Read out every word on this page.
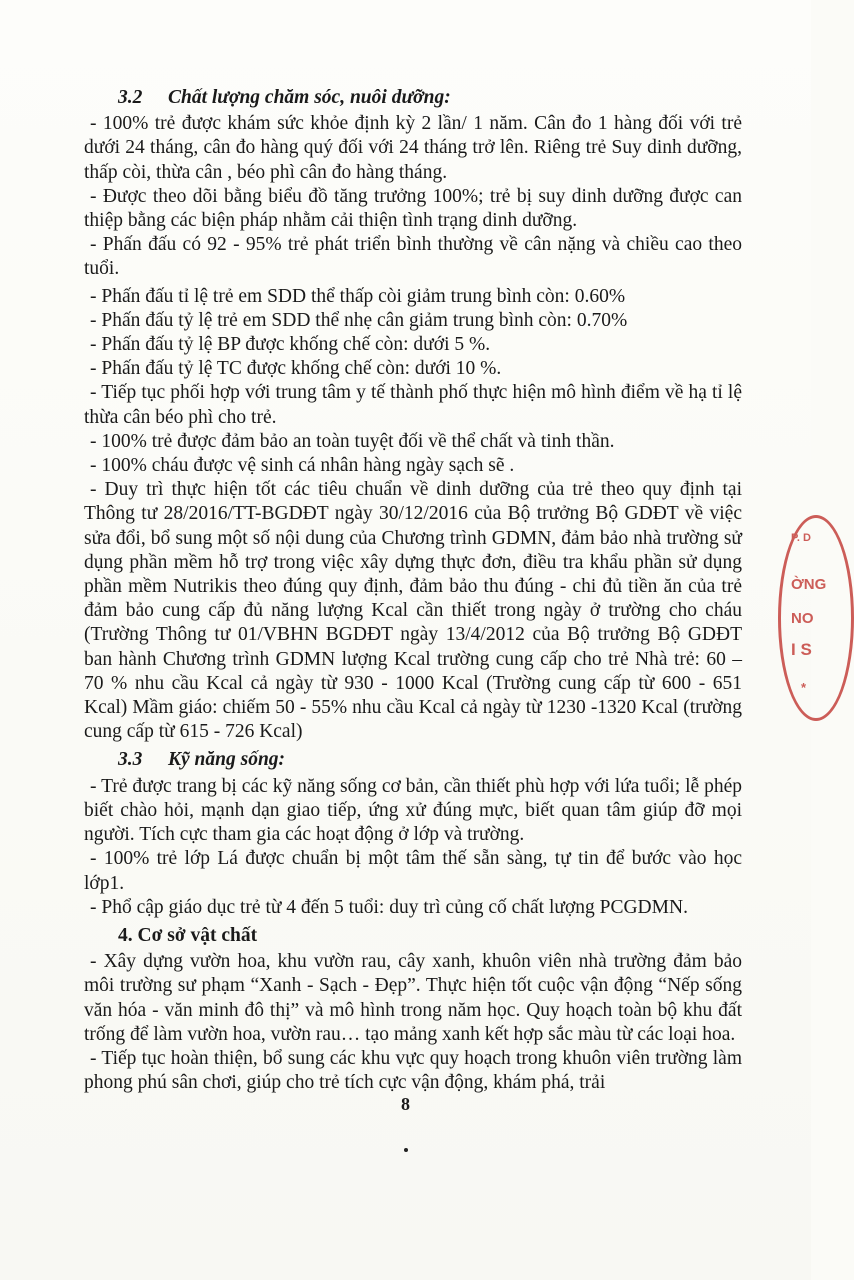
P. D
ỜNG
NO
I S
*
3.2 Chất lượng chăm sóc, nuôi dưỡng:
- 100% trẻ được khám sức khỏe định kỳ 2 lần/ 1 năm. Cân đo 1 hàng đối với trẻ dưới 24 tháng, cân đo hàng quý đối với 24 tháng trở lên. Riêng trẻ Suy dinh dưỡng, thấp còi, thừa cân , béo phì cân đo hàng tháng.
- Được theo dõi bằng biểu đồ tăng trưởng 100%; trẻ bị suy dinh dưỡng được can thiệp bằng các biện pháp nhằm cải thiện tình trạng dinh dưỡng.
- Phấn đấu có 92 - 95% trẻ phát triển bình thường về cân nặng và chiều cao theo tuổi.
- Phấn đấu tỉ lệ trẻ em SDD thể thấp còi giảm trung bình còn: 0.60%
- Phấn đấu tỷ lệ trẻ em SDD thể nhẹ cân giảm trung bình còn: 0.70%
- Phấn đấu tỷ lệ BP được khống chế còn: dưới 5 %.
- Phấn đấu tỷ lệ TC được khống chế còn: dưới 10 %.
- Tiếp tục phối hợp với trung tâm y tế thành phố thực hiện mô hình điểm về hạ tỉ lệ thừa cân béo phì cho trẻ.
- 100% trẻ được đảm bảo an toàn tuyệt đối về thể chất và tinh thần.
- 100% cháu được vệ sinh cá nhân hàng ngày sạch sẽ .
- Duy trì thực hiện tốt các tiêu chuẩn về dinh dưỡng của trẻ theo quy định tại Thông tư 28/2016/TT-BGDĐT ngày 30/12/2016 của Bộ trưởng Bộ GDĐT về việc sửa đổi, bổ sung một số nội dung của Chương trình GDMN, đảm bảo nhà trường sử dụng phần mềm hỗ trợ trong việc xây dựng thực đơn, điều tra khẩu phần sử dụng phần mềm Nutrikis theo đúng quy định, đảm bảo thu đúng - chi đủ tiền ăn của trẻ đảm bảo cung cấp đủ năng lượng Kcal cần thiết trong ngày ở trường cho cháu (Trường Thông tư 01/VBHN BGDĐT ngày 13/4/2012 của Bộ trưởng Bộ GDĐT ban hành Chương trình GDMN lượng Kcal trường cung cấp cho trẻ Nhà trẻ: 60 – 70 % nhu cầu Kcal cả ngày từ 930 - 1000 Kcal (Trường cung cấp từ 600 - 651 Kcal) Mầm giáo: chiếm 50 - 55% nhu cầu Kcal cả ngày từ 1230 -1320 Kcal (trường cung cấp từ 615 - 726 Kcal)
3.3 Kỹ năng sống:
- Trẻ được trang bị các kỹ năng sống cơ bản, cần thiết phù hợp với lứa tuổi; lễ phép biết chào hỏi, mạnh dạn giao tiếp, ứng xử đúng mực, biết quan tâm giúp đỡ mọi người. Tích cực tham gia các hoạt động ở lớp và trường.
- 100% trẻ lớp Lá được chuẩn bị một tâm thế sẵn sàng, tự tin để bước vào học lớp1.
- Phổ cập giáo dục trẻ từ 4 đến 5 tuổi: duy trì củng cố chất lượng PCGDMN.
4. Cơ sở vật chất
- Xây dựng vườn hoa, khu vườn rau, cây xanh, khuôn viên nhà trường đảm bảo môi trường sư phạm “Xanh - Sạch - Đẹp”. Thực hiện tốt cuộc vận động “Nếp sống văn hóa - văn minh đô thị” và mô hình trong năm học. Quy hoạch toàn bộ khu đất trống để làm vườn hoa, vườn rau… tạo mảng xanh kết hợp sắc màu từ các loại hoa.
- Tiếp tục hoàn thiện, bổ sung các khu vực quy hoạch trong khuôn viên trường làm phong phú sân chơi, giúp cho trẻ tích cực vận động, khám phá, trải
8
